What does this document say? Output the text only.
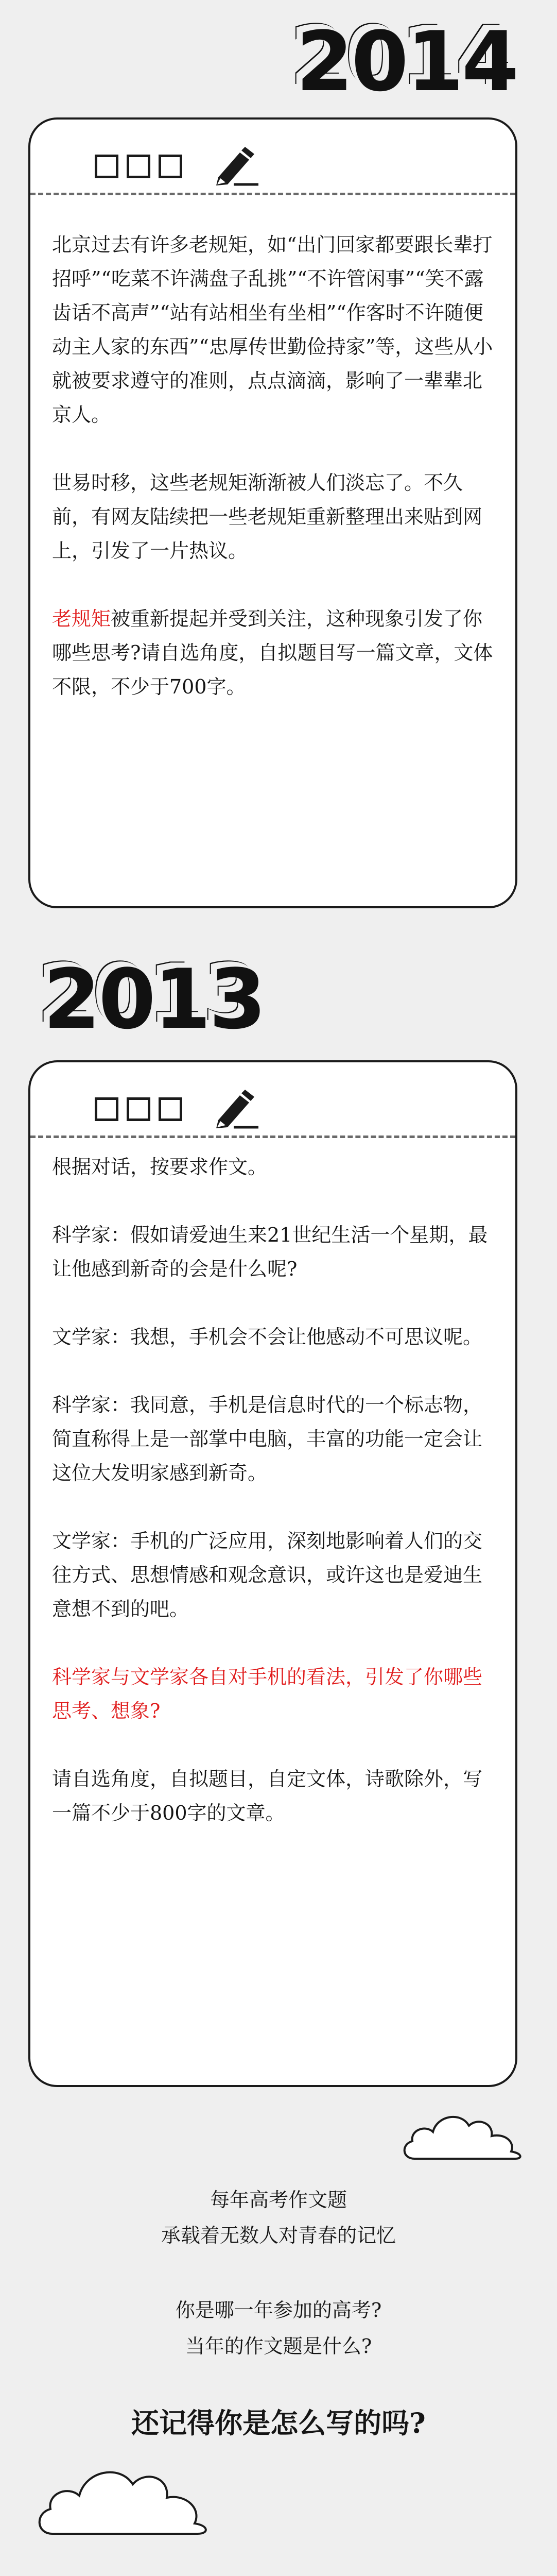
2014

北京过去有许多老规矩，如“出门回家都要跟长辈打招呼”“吃菜不许满盘子乱挑”“不许管闲事”“笑不露齿话不高声”“站有站相坐有坐相”“作客时不许随便动主人家的东西”“忠厚传世勤俭持家”等，这些从小就被要求遵守的准则，点点滴滴，影响了一辈辈北京人。

世易时移，这些老规矩渐渐被人们淡忘了。不久前，有网友陆续把一些老规矩重新整理出来贴到网上，引发了一片热议。

老规矩被重新提起并受到关注，这种现象引发了你哪些思考?请自选角度，自拟题目写一篇文章，文体不限，不少于700字。

2013

根据对话，按要求作文。

科学家：假如请爱迪生来21世纪生活一个星期，最让他感到新奇的会是什么呢?

文学家：我想，手机会不会让他感动不可思议呢。

科学家：我同意，手机是信息时代的一个标志物，简直称得上是一部掌中电脑，丰富的功能一定会让这位大发明家感到新奇。

文学家：手机的广泛应用，深刻地影响着人们的交往方式、思想情感和观念意识，或许这也是爱迪生意想不到的吧。

科学家与文学家各自对手机的看法，引发了你哪些思考、想象?

请自选角度，自拟题目，自定文体，诗歌除外，写一篇不少于800字的文章。

每年高考作文题
承载着无数人对青春的记忆
你是哪一年参加的高考?
当年的作文题是什么?
还记得你是怎么写的吗?
